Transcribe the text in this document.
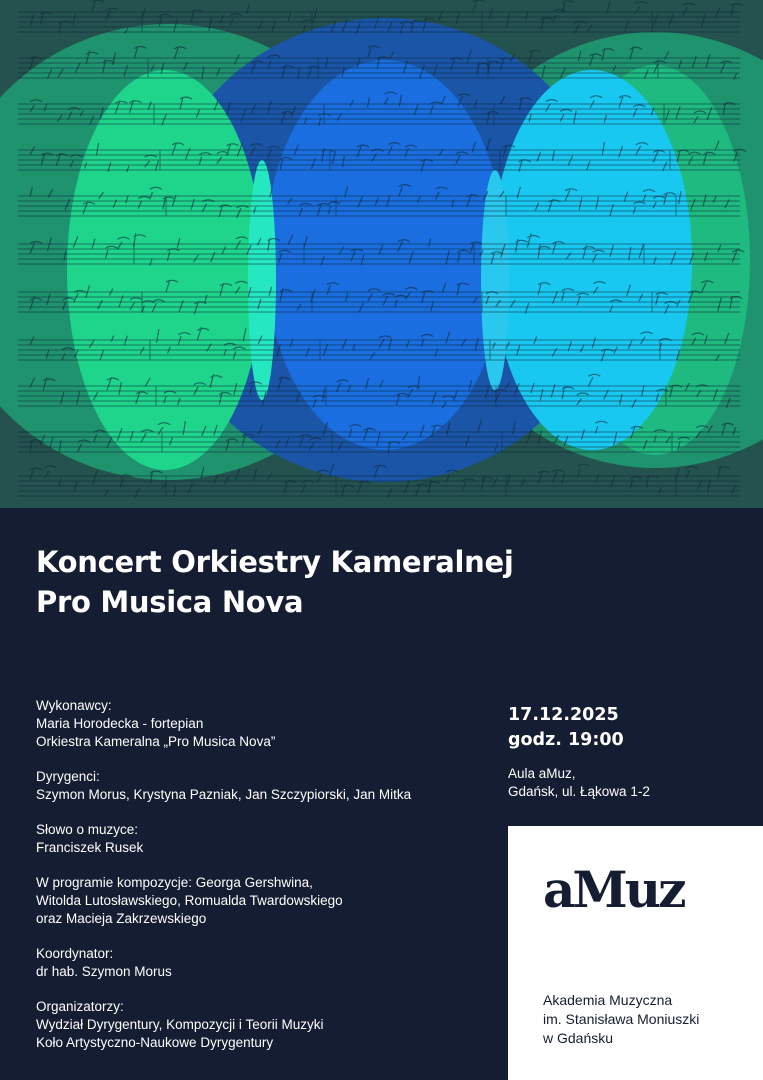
Koncert Orkiestry Kameralnej
Pro Musica Nova
Wykonawcy:
Maria Horodecka - fortepian
Orkiestra Kameralna „Pro Musica Nova”
Dyrygenci:
Szymon Morus, Krystyna Pazniak, Jan Szczypiorski, Jan Mitka
Słowo o muzyce:
Franciszek Rusek
W programie kompozycje: Georga Gershwina,
Witolda Lutosławskiego, Romualda Twardowskiego
oraz Macieja Zakrzewskiego
Koordynator:
dr hab. Szymon Morus
Organizatorzy:
Wydział Dyrygentury, Kompozycji i Teorii Muzyki
Koło Artystyczno-Naukowe Dyrygentury
17.12.2025
godz. 19:00
Aula aMuz,
Gdańsk, ul. Łąkowa 1-2
aMuz
Akademia Muzyczna
im. Stanisława Moniuszki
w Gdańsku
